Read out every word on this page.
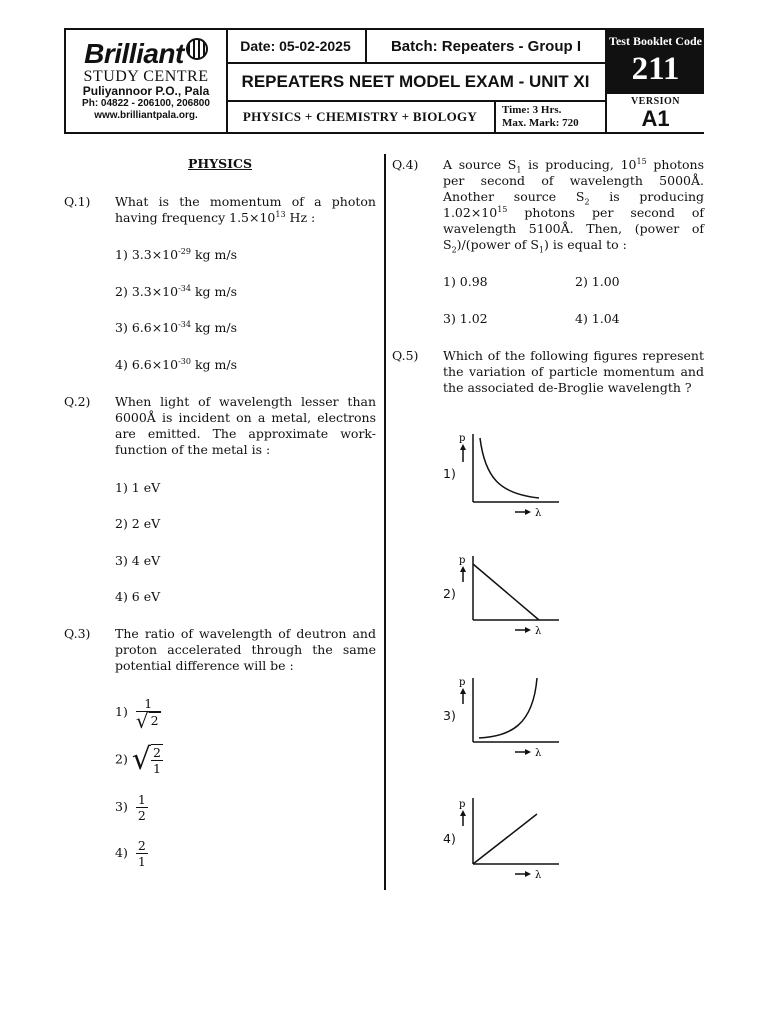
Brilliant
STUDY CENTRE
Puliyannoor P.O., Pala
Ph: 04822 - 206100, 206800
www.brilliantpala.org.
Date: 05-02-2025	Batch: Repeaters - Group I
REPEATERS NEET MODEL EXAM - UNIT XI
PHYSICS + CHEMISTRY + BIOLOGY	Time: 3 Hrs.
Max. Mark: 720
Test Booklet Code
211
VERSION
A1
PHYSICS
Q.1) What is the momentum of a photon having frequency $1.5\times 10^{13}$ Hz :
1) $3.3\times 10^{-29}$ kg m/s
2) $3.3\times 10^{-34}$ kg m/s
3) $6.6\times 10^{-34}$ kg m/s
4) $6.6\times 10^{-30}$ kg m/s
Q.2) When light of wavelength lesser than 6000Å is incident on a metal, electrons are emitted. The approximate work-function of the metal is :
1) 1 eV
2) 2 eV
3) 4 eV
4) 6 eV
Q.3) The ratio of wavelength of deutron and proton accelerated through the same potential difference will be :
$1) \frac{1}{√ 2}$
2) √ $\frac{2}{1}$
$3) \frac{1}{2}$
$4) \frac{2}{1}$
Q.4) A source $S_1$ is producing, $10^{15}$ photons
per second of wavelength 5000Å.
Another source $S_2$ is producing
$1.02\times 10^{15}$ photons per second of
wavelength 5100Å. Then, (power of
$S_2)/(power$ of $S_1$) is equal to :
1) 0.98	2) 1.00
3) 1.02	4) 1.04
Q.5) Which of the following figures represent the variation of particle momentum and the associated de-Broglie wavelength ?
1)
p
λ
2)
p
λ
3)
p
λ
4)
p
λ
